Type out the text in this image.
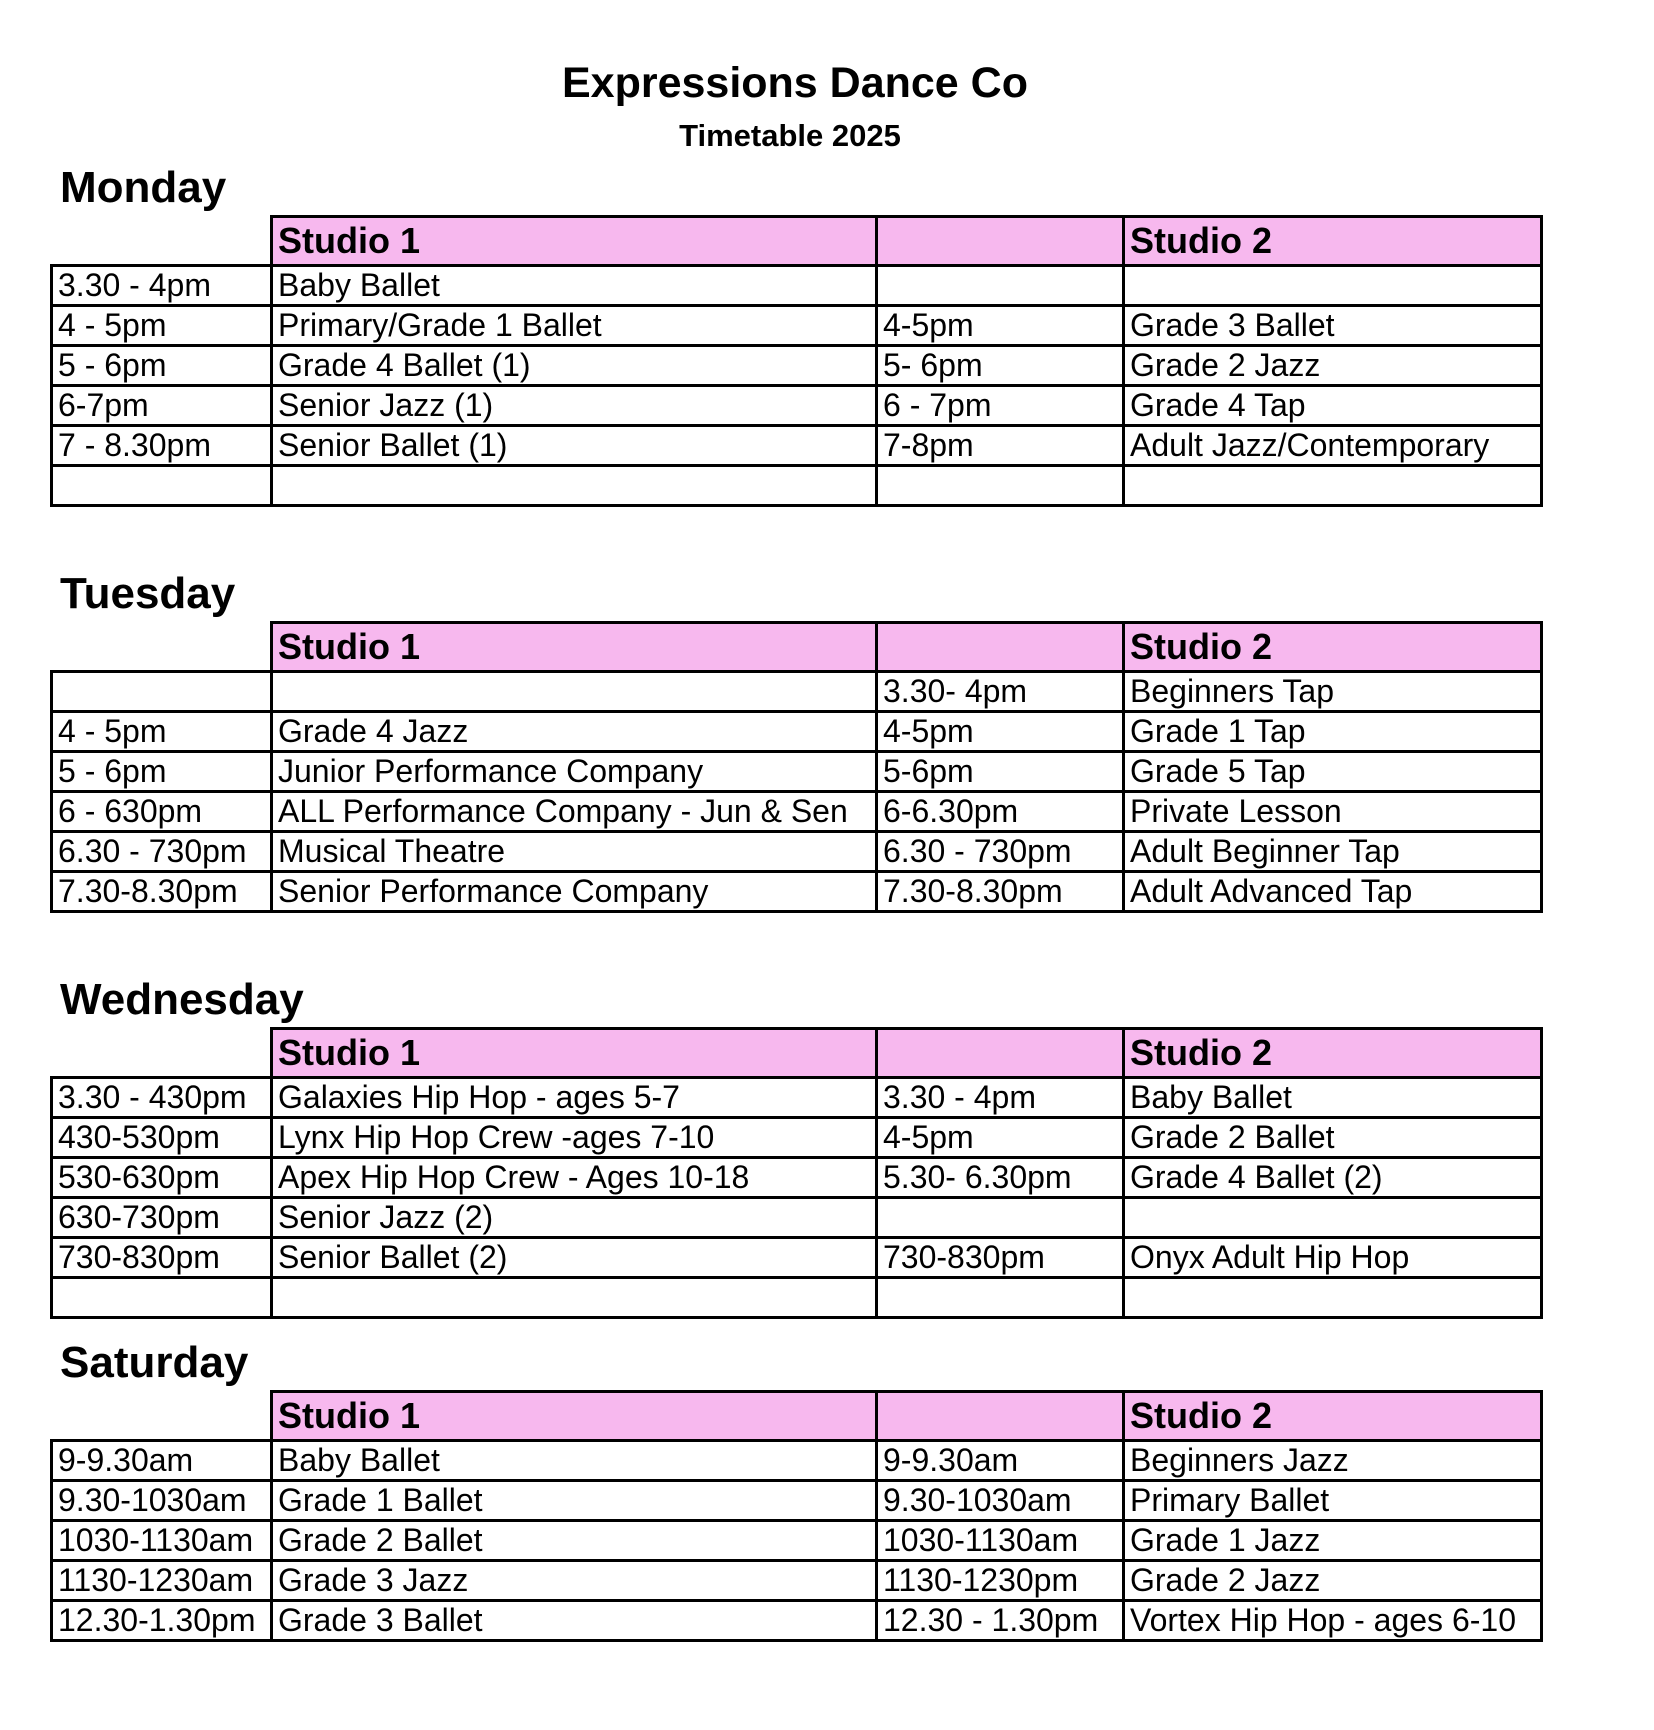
Expressions Dance Co
Timetable 2025
Monday
	Studio 1		Studio 2
3.30 - 4pm	Baby Ballet		
4 - 5pm	Primary/Grade 1 Ballet	4-5pm	Grade 3 Ballet
5 - 6pm	Grade 4 Ballet (1)	5- 6pm	Grade 2 Jazz
6-7pm	Senior Jazz (1)	6 - 7pm	Grade 4 Tap
7 - 8.30pm	Senior Ballet (1)	7-8pm	Adult Jazz/Contemporary

Tuesday
	Studio 1		Studio 2
		3.30- 4pm	Beginners Tap
4 - 5pm	Grade 4 Jazz	4-5pm	Grade 1 Tap
5 - 6pm	Junior Performance Company	5-6pm	Grade 5 Tap
6 - 630pm	ALL Performance Company - Jun & Sen	6-6.30pm	Private Lesson
6.30 - 730pm	Musical Theatre	6.30 - 730pm	Adult Beginner Tap
7.30-8.30pm	Senior Performance Company	7.30-8.30pm	Adult Advanced Tap
Wednesday
	Studio 1		Studio 2
3.30 - 430pm	Galaxies Hip Hop - ages 5-7	3.30 - 4pm	Baby Ballet
430-530pm	Lynx Hip Hop Crew -ages 7-10	4-5pm	Grade 2 Ballet
530-630pm	Apex Hip Hop Crew - Ages 10-18	5.30- 6.30pm	Grade 4 Ballet (2)
630-730pm	Senior Jazz (2)		
730-830pm	Senior Ballet (2)	730-830pm	Onyx Adult Hip Hop

Saturday
	Studio 1		Studio 2
9-9.30am	Baby Ballet	9-9.30am	Beginners Jazz
9.30-1030am	Grade 1 Ballet	9.30-1030am	Primary Ballet
1030-1130am	Grade 2 Ballet	1030-1130am	Grade 1 Jazz
1130-1230am	Grade 3 Jazz	1130-1230pm	Grade 2 Jazz
12.30-1.30pm	Grade 3 Ballet	12.30 - 1.30pm	Vortex Hip Hop - ages 6-10
